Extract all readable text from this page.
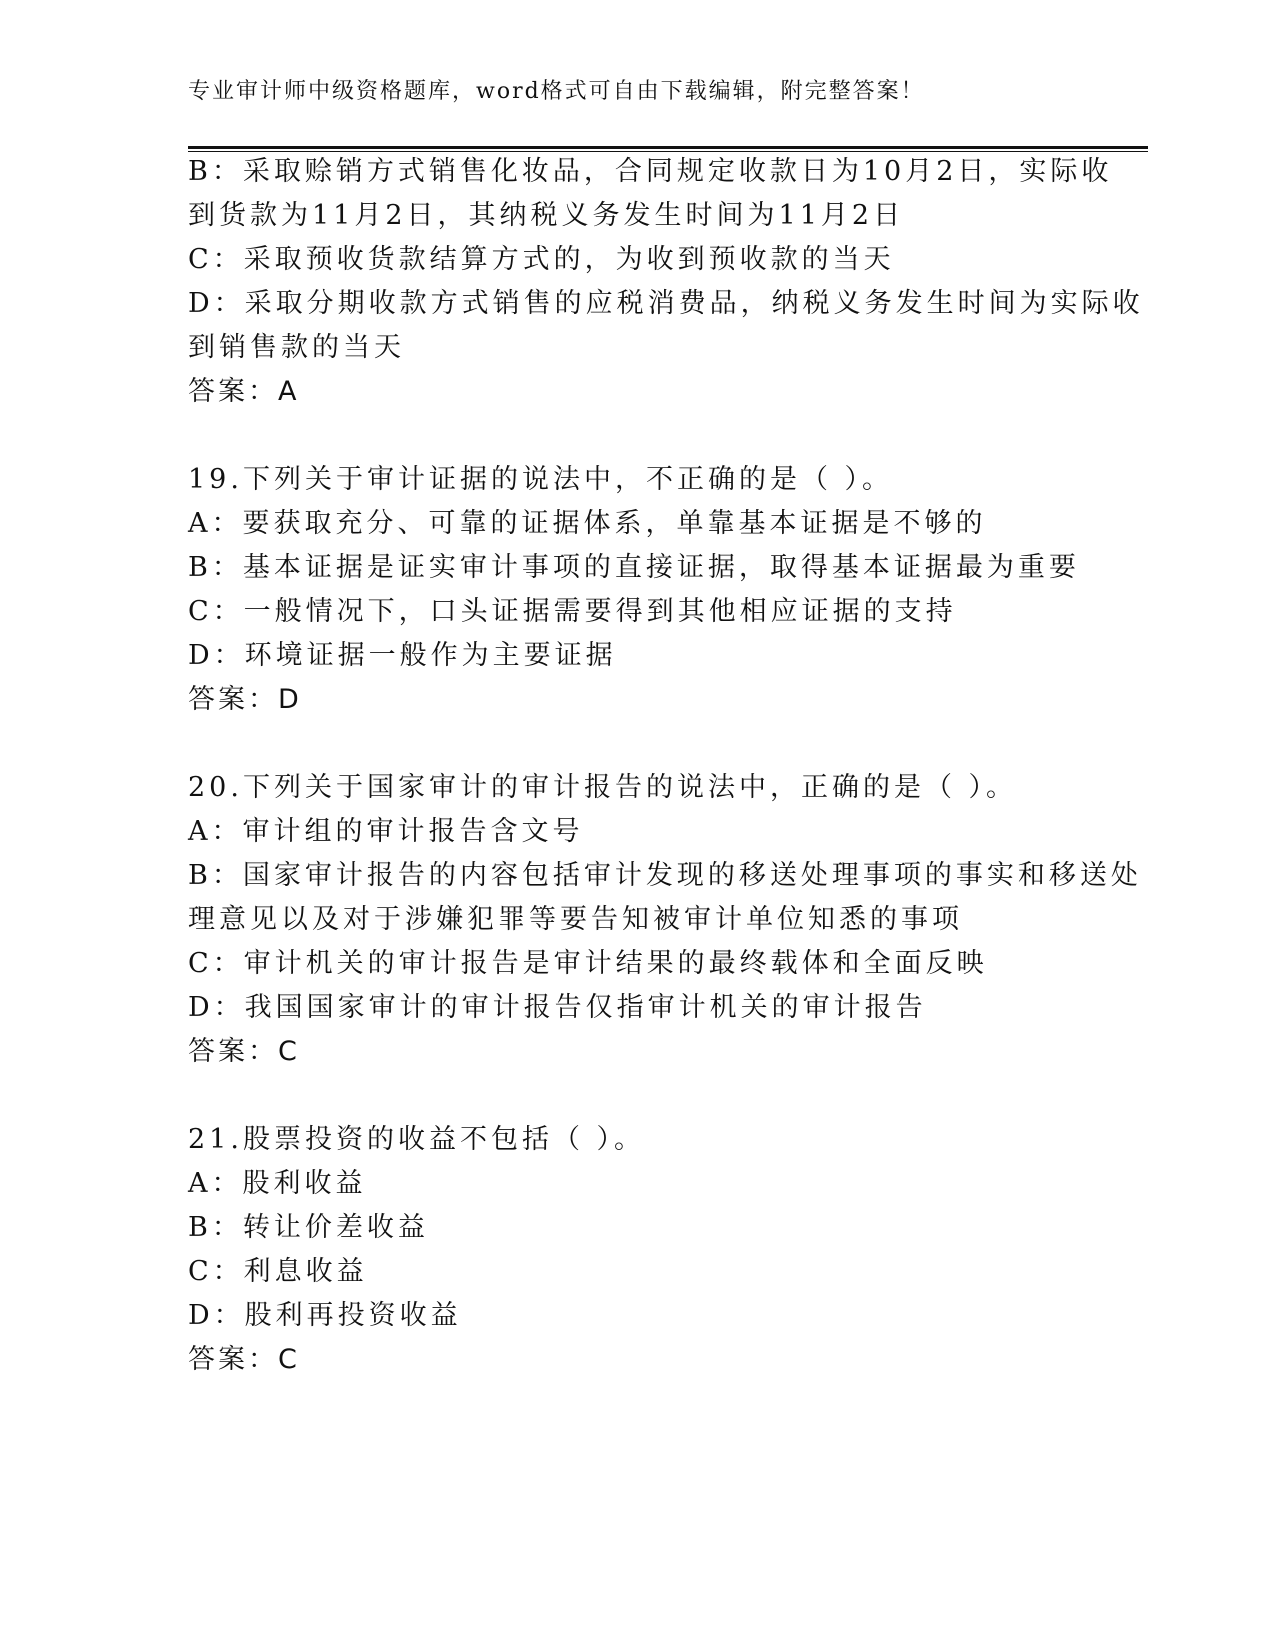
专业审计师中级资格题库，word格式可自由下载编辑，附完整答案！
B：采取赊销方式销售化妆品，合同规定收款日为10月2日，实际收
到货款为11月2日，其纳税义务发生时间为11月2日
C：采取预收货款结算方式的，为收到预收款的当天
D：采取分期收款方式销售的应税消费品，纳税义务发生时间为实际收
到销售款的当天
答案：A
19.下列关于审计证据的说法中，不正确的是（ ）。
A：要获取充分、可靠的证据体系，单靠基本证据是不够的
B：基本证据是证实审计事项的直接证据，取得基本证据最为重要
C：一般情况下，口头证据需要得到其他相应证据的支持
D：环境证据一般作为主要证据
答案：D
20.下列关于国家审计的审计报告的说法中，正确的是（ ）。
A：审计组的审计报告含文号
B：国家审计报告的内容包括审计发现的移送处理事项的事实和移送处
理意见以及对于涉嫌犯罪等要告知被审计单位知悉的事项
C：审计机关的审计报告是审计结果的最终载体和全面反映
D：我国国家审计的审计报告仅指审计机关的审计报告
答案：C
21.股票投资的收益不包括（ ）。
A：股利收益
B：转让价差收益
C：利息收益
D：股利再投资收益
答案：C
